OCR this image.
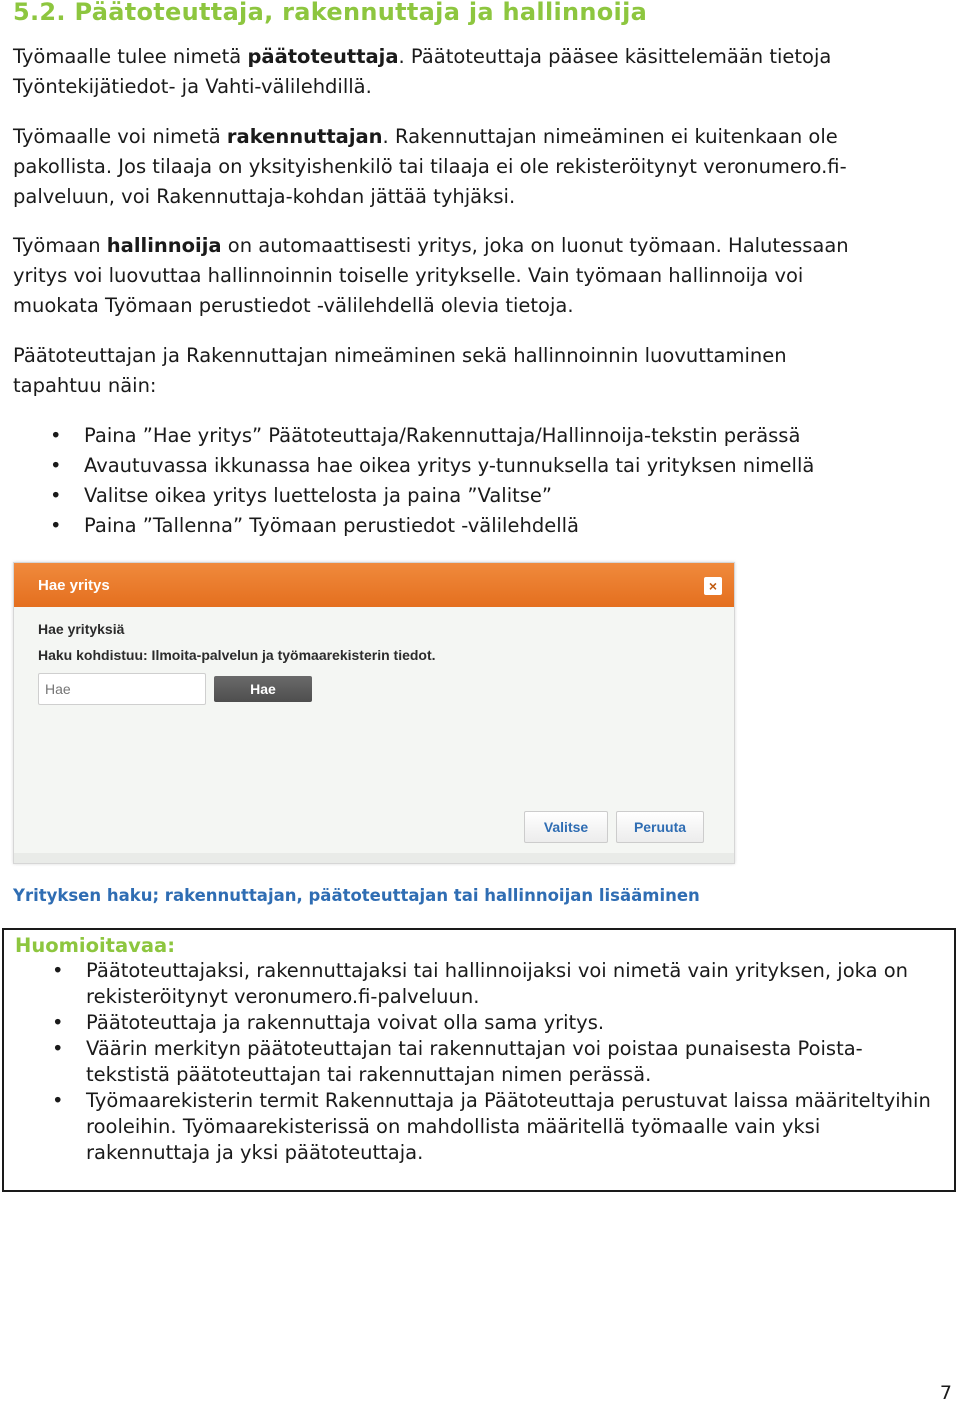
5.2. Päätoteuttaja, rakennuttaja ja hallinnoija

Työmaalle tulee nimetä päätoteuttaja. Päätoteuttaja pääsee käsittelemään tietoja
Työntekijätiedot- ja Vahti-välilehdillä.

Työmaalle voi nimetä rakennuttajan. Rakennuttajan nimeäminen ei kuitenkaan ole
pakollista. Jos tilaaja on yksityishenkilö tai tilaaja ei ole rekisteröitynyt veronumero.fi-
palveluun, voi Rakennuttaja-kohdan jättää tyhjäksi.

Työmaan hallinnoija on automaattisesti yritys, joka on luonut työmaan. Halutessaan
yritys voi luovuttaa hallinnoinnin toiselle yritykselle. Vain työmaan hallinnoija voi
muokata Työmaan perustiedot -välilehdellä olevia tietoja.

Päätoteuttajan ja Rakennuttajan nimeäminen sekä hallinnoinnin luovuttaminen
tapahtuu näin:

• Paina ”Hae yritys” Päätoteuttaja/Rakennuttaja/Hallinnoija-tekstin perässä
• Avautuvassa ikkunassa hae oikea yritys y-tunnuksella tai yrityksen nimellä
• Valitse oikea yritys luettelosta ja paina ”Valitse”
• Paina ”Tallenna” Työmaan perustiedot -välilehdellä
Hae yritys	×
Hae yrityksiä
Haku kohdistuu: Ilmoita-palvelun ja työmaarekisterin tiedot.
Hae
Hae
Valitse	Peruuta

Yrityksen haku; rakennuttajan, päätoteuttajan tai hallinnoijan lisääminen

Huomioitavaa:

• Päätoteuttajaksi, rakennuttajaksi tai hallinnoijaksi voi nimetä vain yrityksen, joka on rekisteröitynyt veronumero.fi-palveluun.
• Päätoteuttaja ja rakennuttaja voivat olla sama yritys.
• Väärin merkityn päätoteuttajan tai rakennuttajan voi poistaa punaisesta Poista-tekstistä päätoteuttajan tai rakennuttajan nimen perässä.
• Työmaarekisterin termit Rakennuttaja ja Päätoteuttaja perustuvat laissa määriteltyihin rooleihin. Työmaarekisterissä on mahdollista määritellä työmaalle vain yksi rakennuttaja ja yksi päätoteuttaja.

7
